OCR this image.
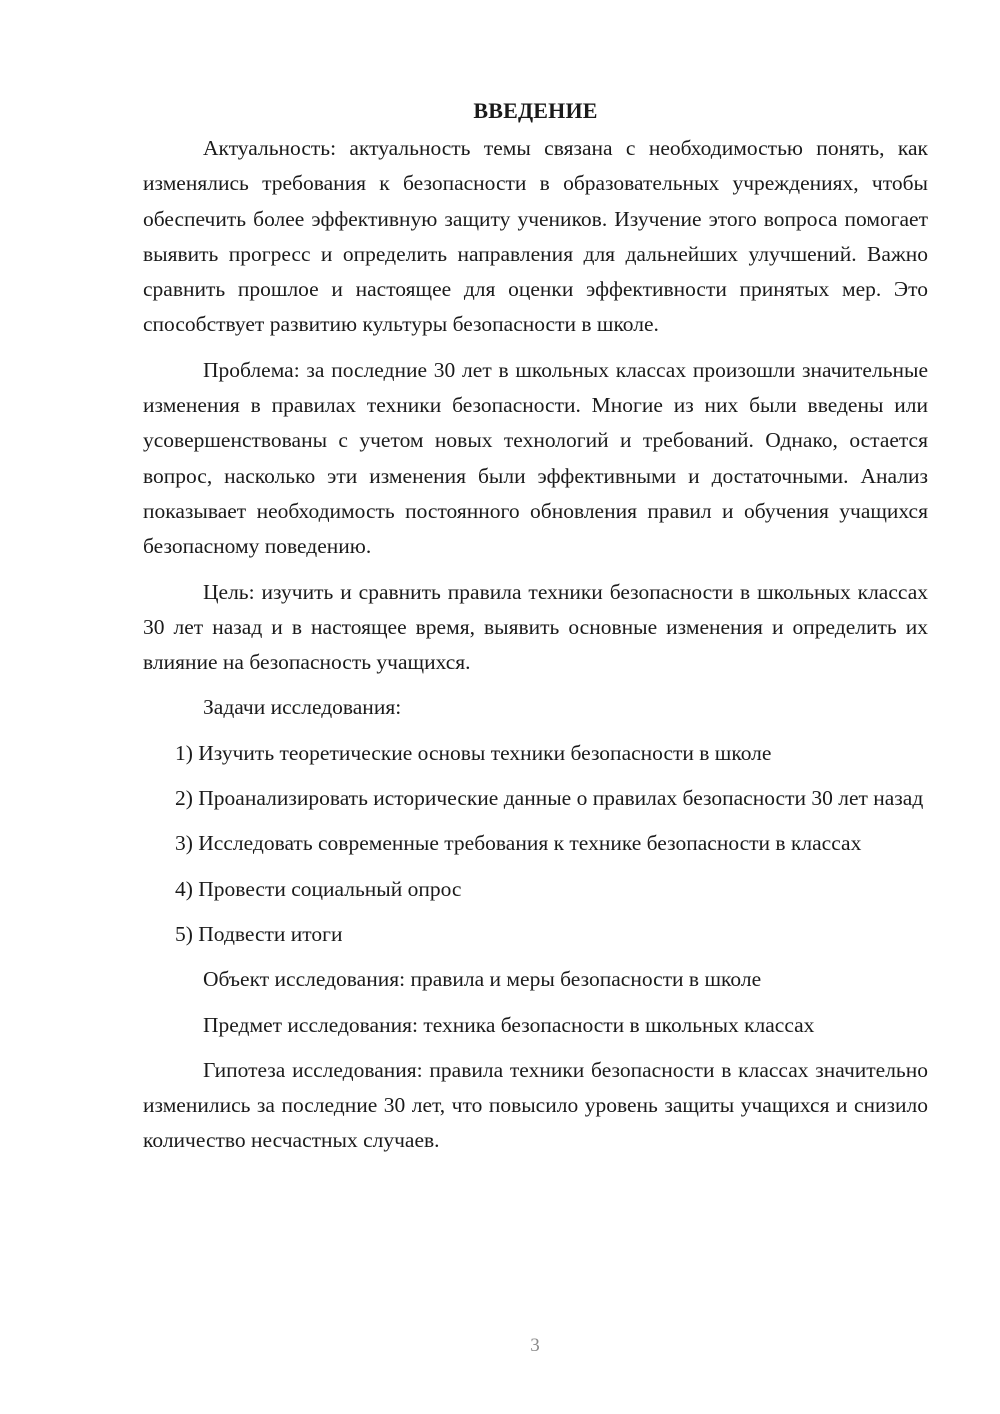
ВВЕДЕНИЕ

Актуальность: актуальность темы связана с необходимостью понять, как изменялись требования к безопасности в образовательных учреждениях, чтобы обеспечить более эффективную защиту учеников. Изучение этого вопроса помогает выявить прогресс и определить направления для дальнейших улучшений. Важно сравнить прошлое и настоящее для оценки эффективности принятых мер. Это способствует развитию культуры безопасности в школе.

Проблема: за последние 30 лет в школьных классах произошли значительные изменения в правилах техники безопасности. Многие из них были введены или усовершенствованы с учетом новых технологий и требований. Однако, остается вопрос, насколько эти изменения были эффективными и достаточными. Анализ показывает необходимость постоянного обновления правил и обучения учащихся безопасному поведению.

Цель: изучить и сравнить правила техники безопасности в школьных классах 30 лет назад и в настоящее время, выявить основные изменения и определить их влияние на безопасность учащихся.

Задачи исследования:

1) Изучить теоретические основы техники безопасности в школе

2) Проанализировать исторические данные о правилах безопасности 30 лет назад

3) Исследовать современные требования к технике безопасности в классах

4) Провести социальный опрос

5) Подвести итоги

Объект исследования: правила и меры безопасности в школе

Предмет исследования: техника безопасности в школьных классах

Гипотеза исследования: правила техники безопасности в классах значительно изменились за последние 30 лет, что повысило уровень защиты учащихся и снизило количество несчастных случаев.

3
